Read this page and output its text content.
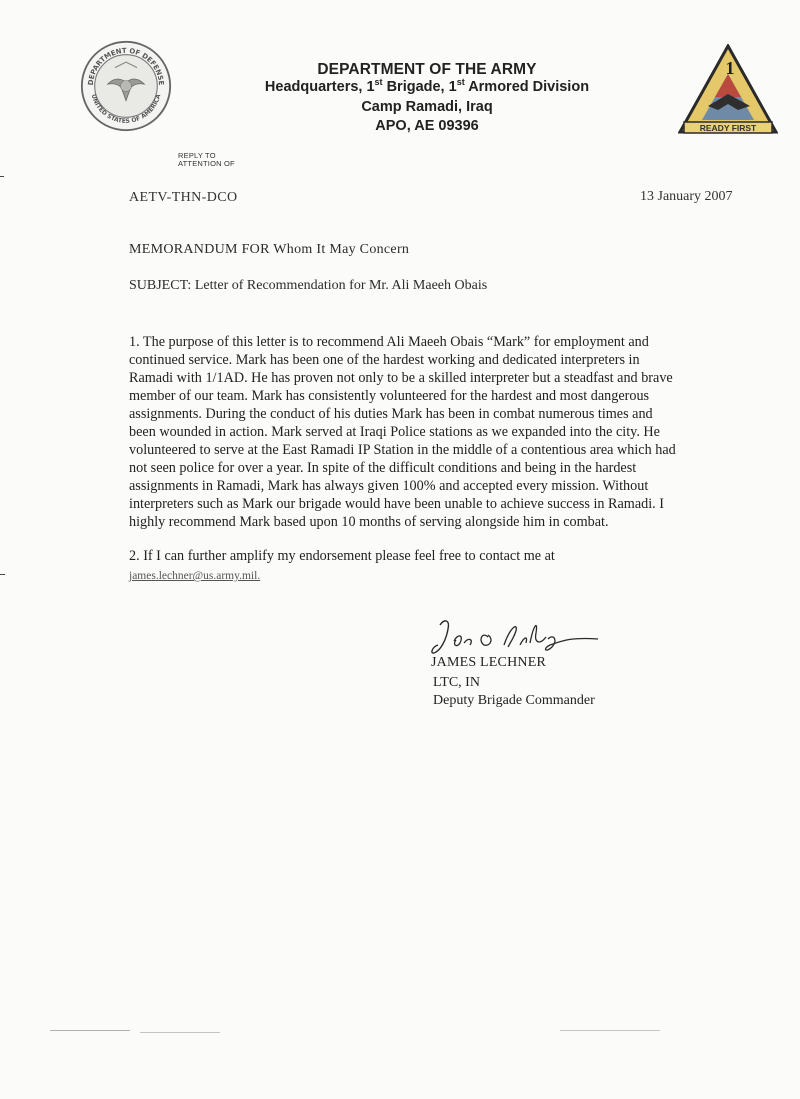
DEPARTMENT OF DEFENSE
UNITED STATES OF AMERICA
DEPARTMENT OF THE ARMY
Headquarters, 1st Brigade, 1st Armored Division
Camp Ramadi, Iraq
APO, AE 09396
1
READY FIRST
REPLY TO
ATTENTION OF
AETV-THN-DCO	13 January 2007
MEMORANDUM FOR Whom It May Concern
SUBJECT: Letter of Recommendation for Mr. Ali Maeeh Obais
1. The purpose of this letter is to recommend Ali Maeeh Obais “Mark” for employment and
continued service. Mark has been one of the hardest working and dedicated interpreters in
Ramadi with 1/1AD. He has proven not only to be a skilled interpreter but a steadfast and brave
member of our team. Mark has consistently volunteered for the hardest and most dangerous
assignments. During the conduct of his duties Mark has been in combat numerous times and
been wounded in action. Mark served at Iraqi Police stations as we expanded into the city. He
volunteered to serve at the East Ramadi IP Station in the middle of a contentious area which had
not seen police for over a year. In spite of the difficult conditions and being in the hardest
assignments in Ramadi, Mark has always given 100% and accepted every mission. Without
interpreters such as Mark our brigade would have been unable to achieve success in Ramadi. I
highly recommend Mark based upon 10 months of serving alongside him in combat.
2. If I can further amplify my endorsement please feel free to contact me at
james.lechner@us.army.mil.
JAMES LECHNER
LTC, IN
Deputy Brigade Commander
